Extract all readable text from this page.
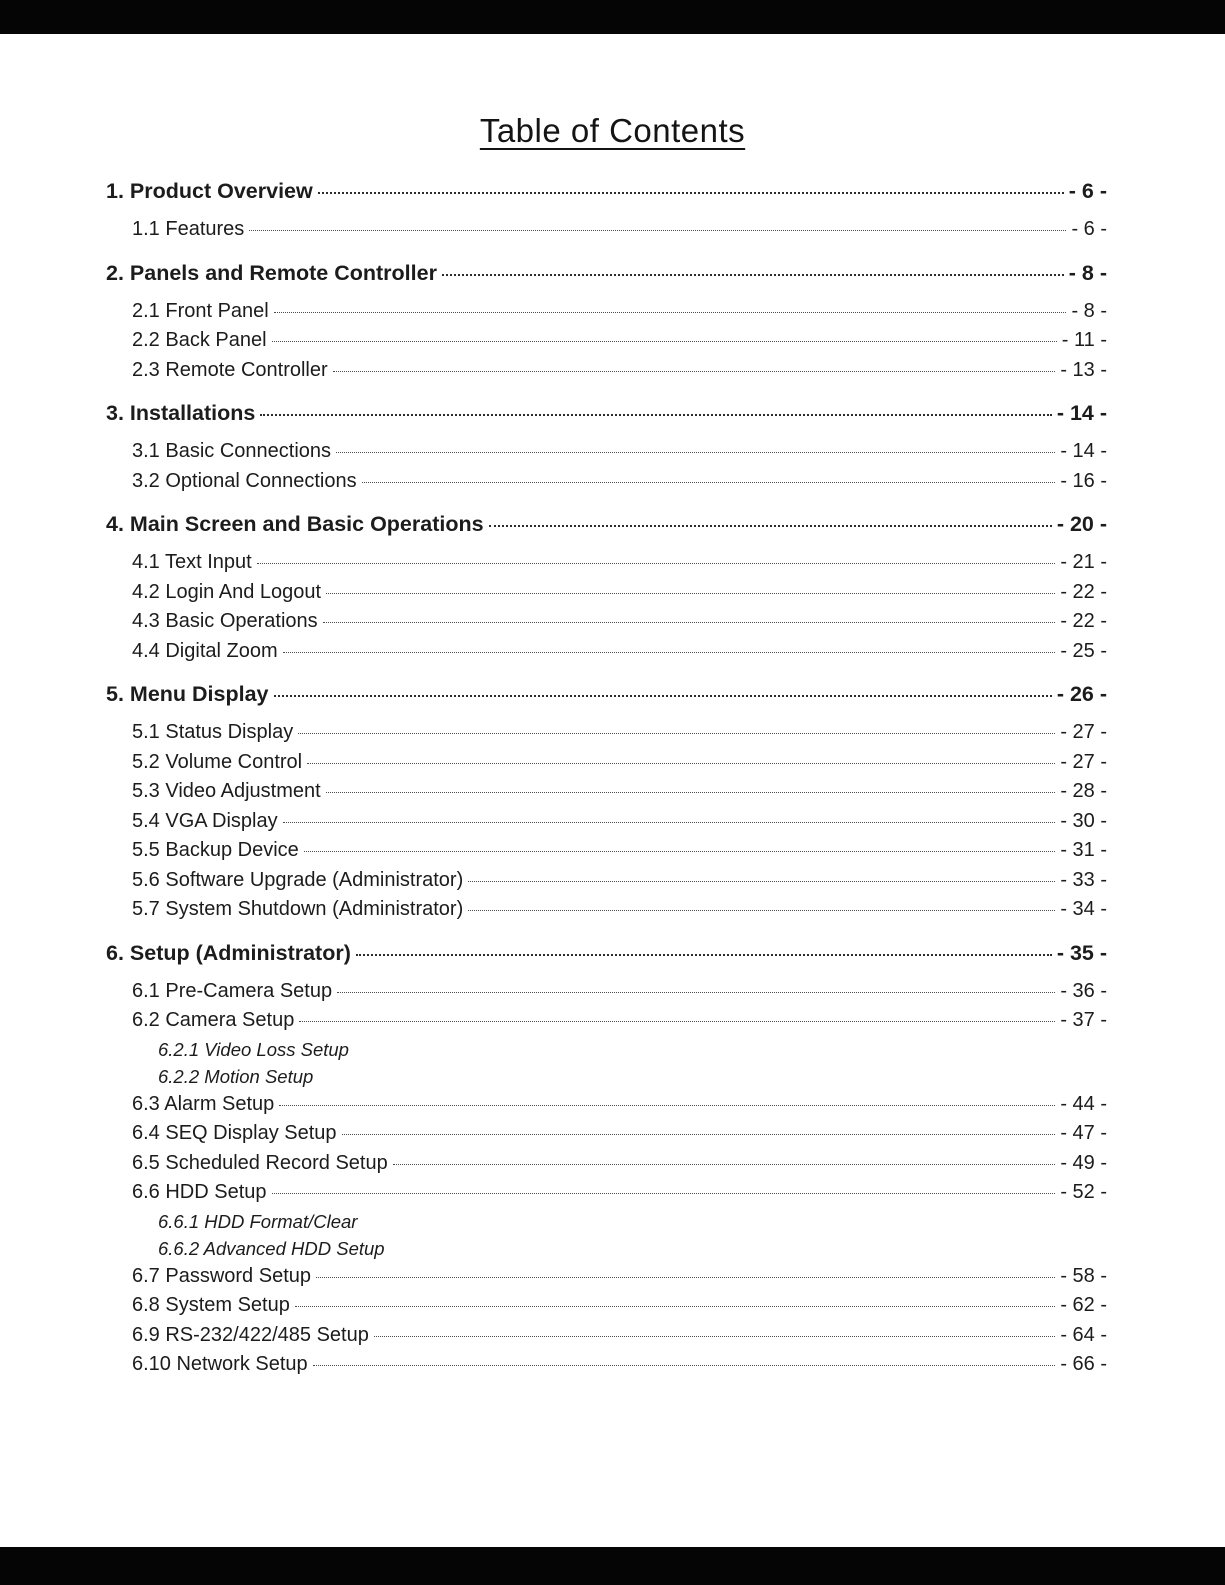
Table of Contents
1. Product Overview	- 6 -
1.1 Features	- 6 -
2. Panels and Remote Controller	- 8 -
2.1 Front Panel	- 8 -
2.2 Back Panel	- 11 -
2.3 Remote Controller	- 13 -
3. Installations	- 14 -
3.1 Basic Connections	- 14 -
3.2 Optional Connections	- 16 -
4. Main Screen and Basic Operations	- 20 -
4.1 Text Input	- 21 -
4.2 Login And Logout	- 22 -
4.3 Basic Operations	- 22 -
4.4 Digital Zoom	- 25 -
5. Menu Display	- 26 -
5.1 Status Display	- 27 -
5.2 Volume Control	- 27 -
5.3 Video Adjustment	- 28 -
5.4 VGA Display	- 30 -
5.5 Backup Device	- 31 -
5.6 Software Upgrade (Administrator)	- 33 -
5.7 System Shutdown (Administrator)	- 34 -
6. Setup (Administrator)	- 35 -
6.1 Pre-Camera Setup	- 36 -
6.2 Camera Setup	- 37 -
6.2.1 Video Loss Setup
6.2.2 Motion Setup
6.3 Alarm Setup	- 44 -
6.4 SEQ Display Setup	- 47 -
6.5 Scheduled Record Setup	- 49 -
6.6 HDD Setup	- 52 -
6.6.1 HDD Format/Clear
6.6.2 Advanced HDD Setup
6.7 Password Setup	- 58 -
6.8 System Setup	- 62 -
6.9 RS-232/422/485 Setup	- 64 -
6.10 Network Setup	- 66 -
